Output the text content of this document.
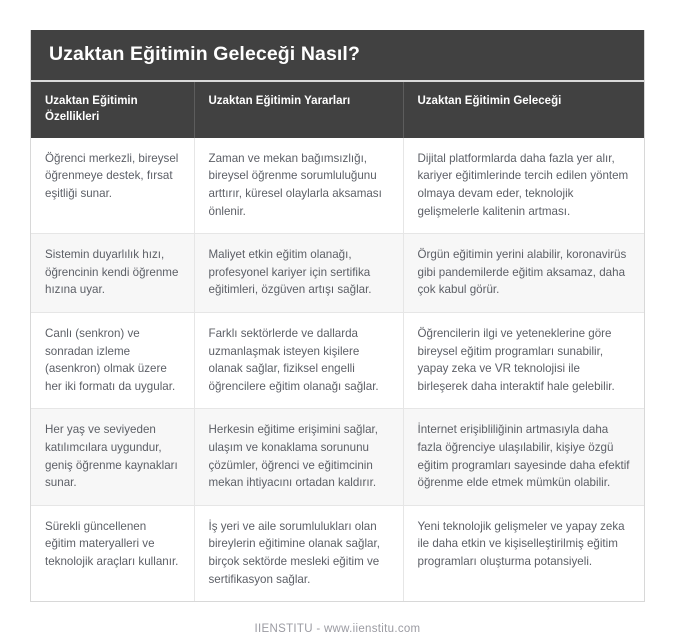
Uzaktan Eğitimin Geleceği Nasıl?
Uzaktan Eğitimin Özellikleri	Uzaktan Eğitimin Yararları	Uzaktan Eğitimin Geleceği
Öğrenci merkezli, bireysel öğrenmeye destek, fırsat eşitliği sunar.	Zaman ve mekan bağımsızlığı, bireysel öğrenme sorumluluğunu arttırır, küresel olaylarla aksaması önlenir.	Dijital platformlarda daha fazla yer alır, kariyer eğitimlerinde tercih edilen yöntem olmaya devam eder, teknolojik gelişmelerle kalitenin artması.
Sistemin duyarlılık hızı, öğrencinin kendi öğrenme hızına uyar.	Maliyet etkin eğitim olanağı, profesyonel kariyer için sertifika eğitimleri, özgüven artışı sağlar.	Örgün eğitimin yerini alabilir, koronavirüs gibi pandemilerde eğitim aksamaz, daha çok kabul görür.
Canlı (senkron) ve sonradan izleme (asenkron) olmak üzere her iki formatı da uygular.	Farklı sektörlerde ve dallarda uzmanlaşmak isteyen kişilere olanak sağlar, fiziksel engelli öğrencilere eğitim olanağı sağlar.	Öğrencilerin ilgi ve yeteneklerine göre bireysel eğitim programları sunabilir, yapay zeka ve VR teknolojisi ile birleşerek daha interaktif hale gelebilir.
Her yaş ve seviyeden katılımcılara uygundur, geniş öğrenme kaynakları sunar.	Herkesin eğitime erişimini sağlar, ulaşım ve konaklama sorununu çözümler, öğrenci ve eğitimcinin mekan ihtiyacını ortadan kaldırır.	İnternet erişibliliğinin artmasıyla daha fazla öğrenciye ulaşılabilir, kişiye özgü eğitim programları sayesinde daha efektif öğrenme elde etmek mümkün olabilir.
Sürekli güncellenen eğitim materyalleri ve teknolojik araçları kullanır.	İş yeri ve aile sorumlulukları olan bireylerin eğitimine olanak sağlar, birçok sektörde mesleki eğitim ve sertifikasyon sağlar.	Yeni teknolojik gelişmeler ve yapay zeka ile daha etkin ve kişiselleştirilmiş eğitim programları oluşturma potansiyeli.
IIENSTITU - www.iienstitu.com
